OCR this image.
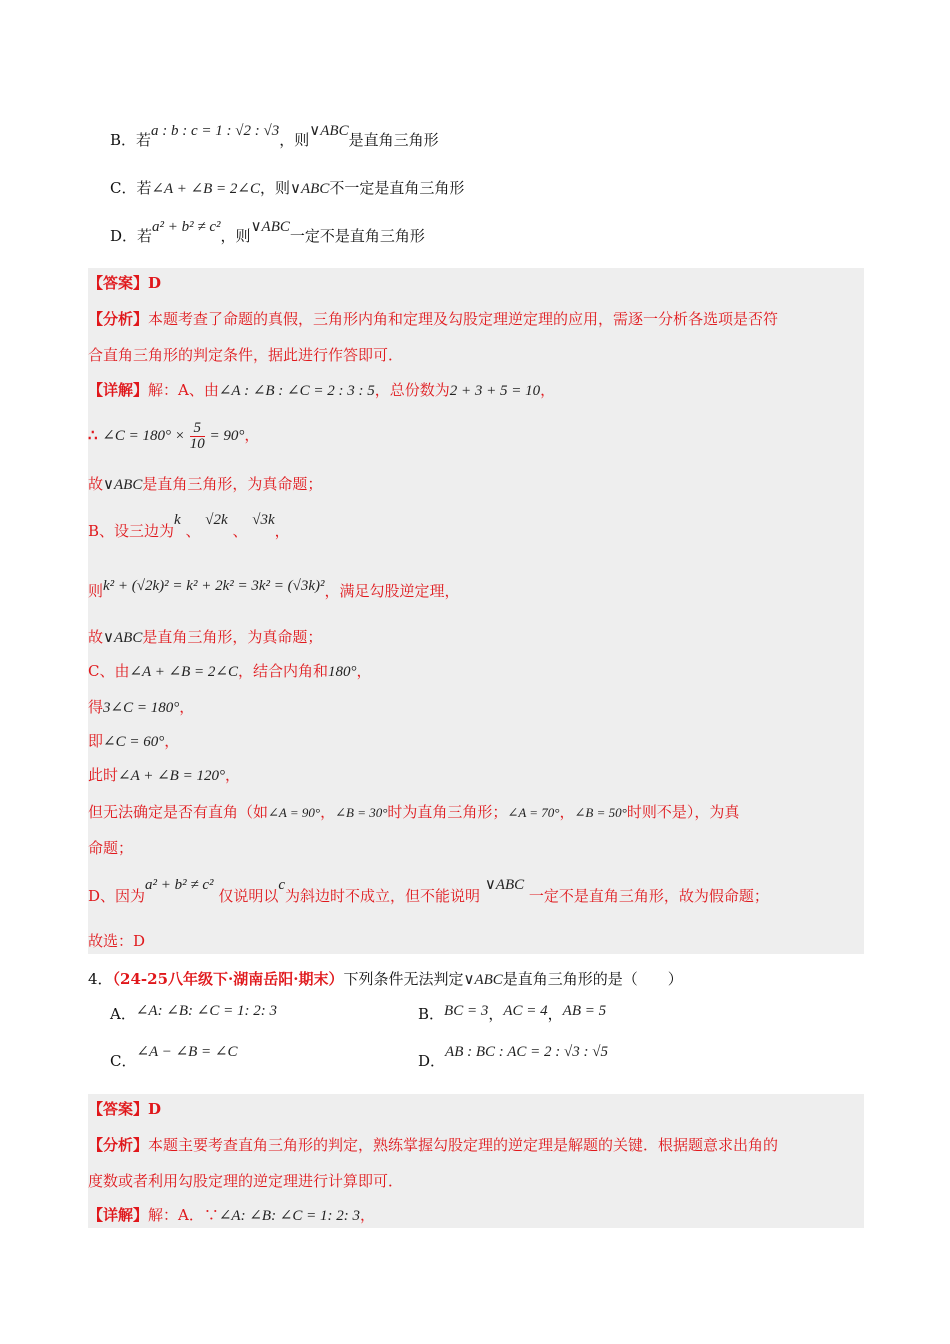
B．若a : b : c = 1 : √2 : √3，则∨ABC是直角三角形
C．若∠A + ∠B = 2∠C，则∨ABC不一定是直角三角形
D．若a² + b² ≠ c²，则∨ABC一定不是直角三角形
【答案】D
【分析】本题考查了命题的真假，三角形内角和定理及勾股定理逆定理的应用，需逐一分析各选项是否符
合直角三角形的判定条件，据此进行作答即可．
【详解】解：A、由∠A : ∠B : ∠C = 2 : 3 : 5，总份数为2 + 3 + 5 = 10，
∴ ∠C = $180^\circ \times \frac{5}{10} = 90^\circ$，
故∨ABC是直角三角形，为真命题；
B、设三边为k 、 √2k 、 √3k，
则k² + (√2k)² = k² + 2k² = 3k² = (√3k)²，满足勾股逆定理，
故∨ABC是直角三角形，为真命题；
C、由∠A + ∠B = 2∠C，结合内角和180°，
得3∠C = 180°，
即∠C = 60°，
此时∠A + ∠B = 120°，
但无法确定是否有直角（如∠A = 90°，∠B = 30°时为直角三角形；∠A = 70°，∠B = 50°时则不是），为真
命题；
D、因为a² + b² ≠ c² 仅说明以c为斜边时不成立，但不能说明 ∨ABC 一定不是直角三角形，故为假命题；
故选：D
4．（24-25八年级下·湖南岳阳·期末）下列条件无法判定∨ABC是直角三角形的是（　　）
A．∠A: ∠B: ∠C = 1: 2: 3	B．BC = 3，AC = 4，AB = 5
C．∠A − ∠B = ∠C	D．AB : BC : AC = 2 : √3 : √5
【答案】D
【分析】本题主要考查直角三角形的判定，熟练掌握勾股定理的逆定理是解题的关键．根据题意求出角的
度数或者利用勾股定理的逆定理进行计算即可．
【详解】解：A．∵∠A: ∠B: ∠C = 1: 2: 3，
